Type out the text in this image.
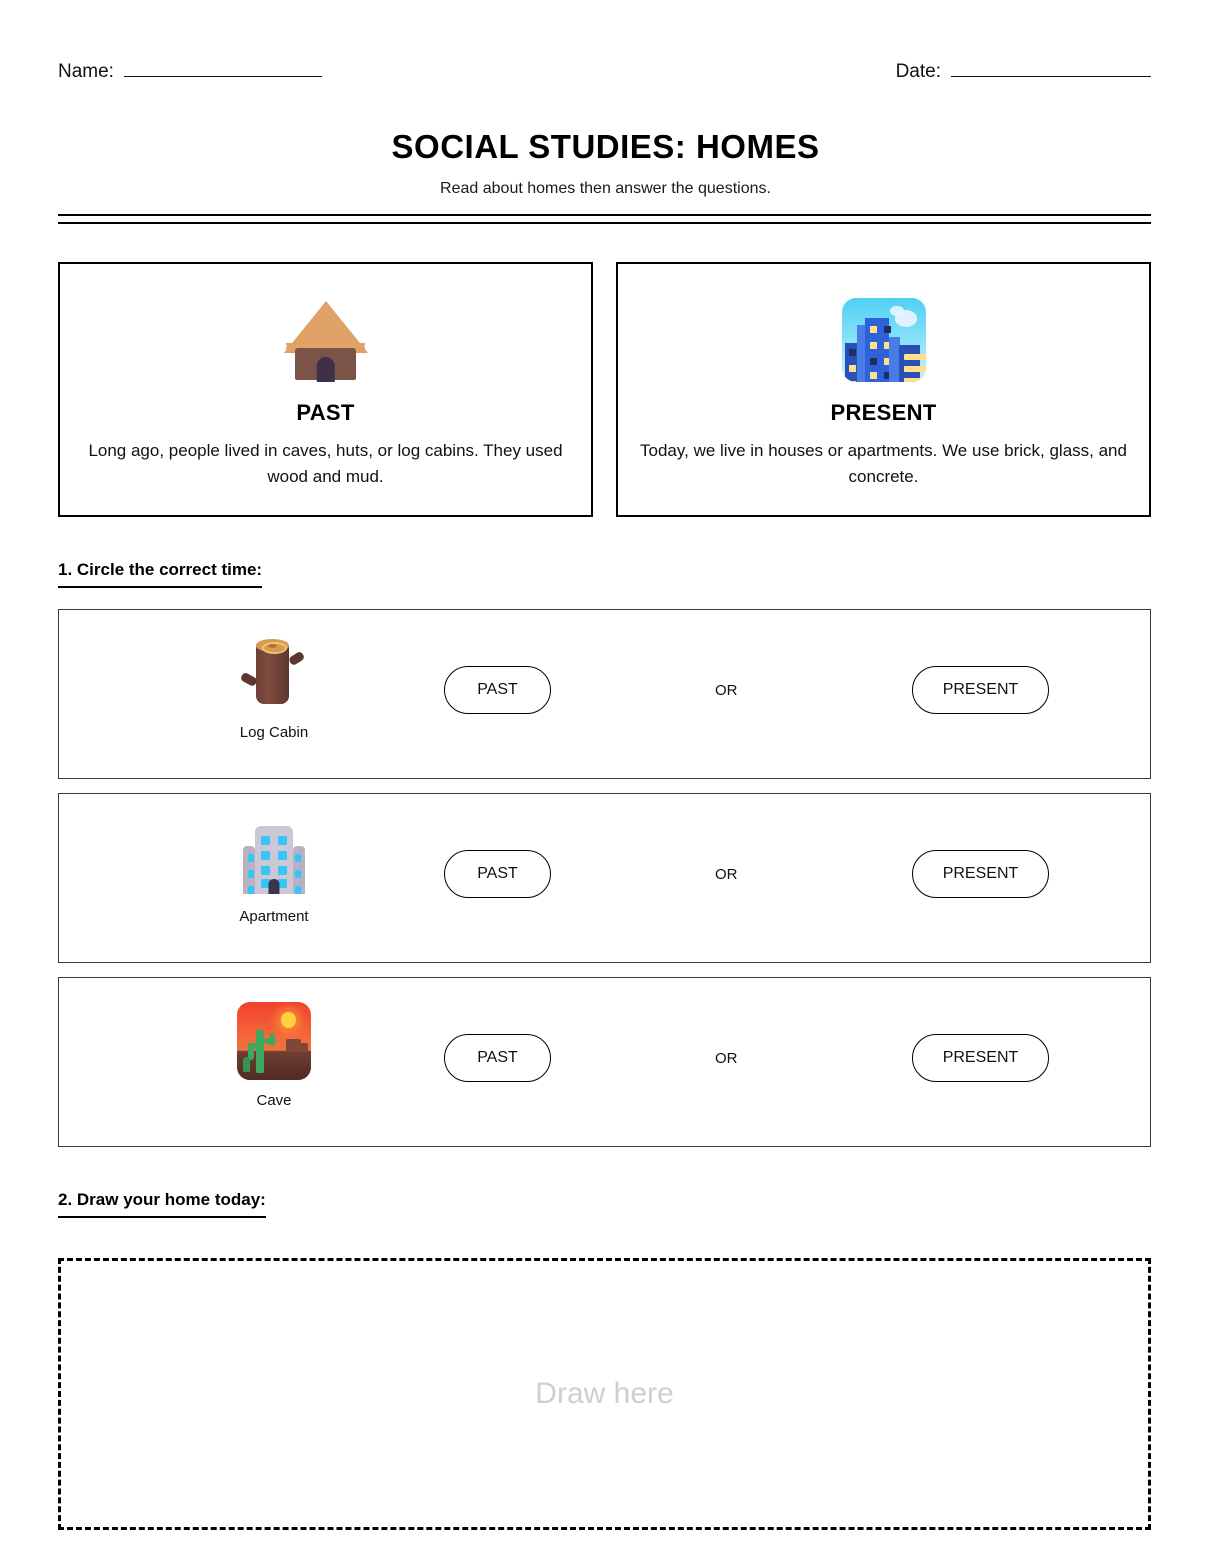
Name:	Date:
SOCIAL STUDIES: HOMES
Read about homes then answer the questions.
PAST
Long ago, people lived in caves, huts, or log cabins. They used wood and mud.
PRESENT
Today, we live in houses or apartments. We use brick, glass, and concrete.
1. Circle the correct time:
Log Cabin
PAST	OR	PRESENT
Apartment
PAST	OR	PRESENT
Cave
PAST	OR	PRESENT
2. Draw your home today:
Draw here
